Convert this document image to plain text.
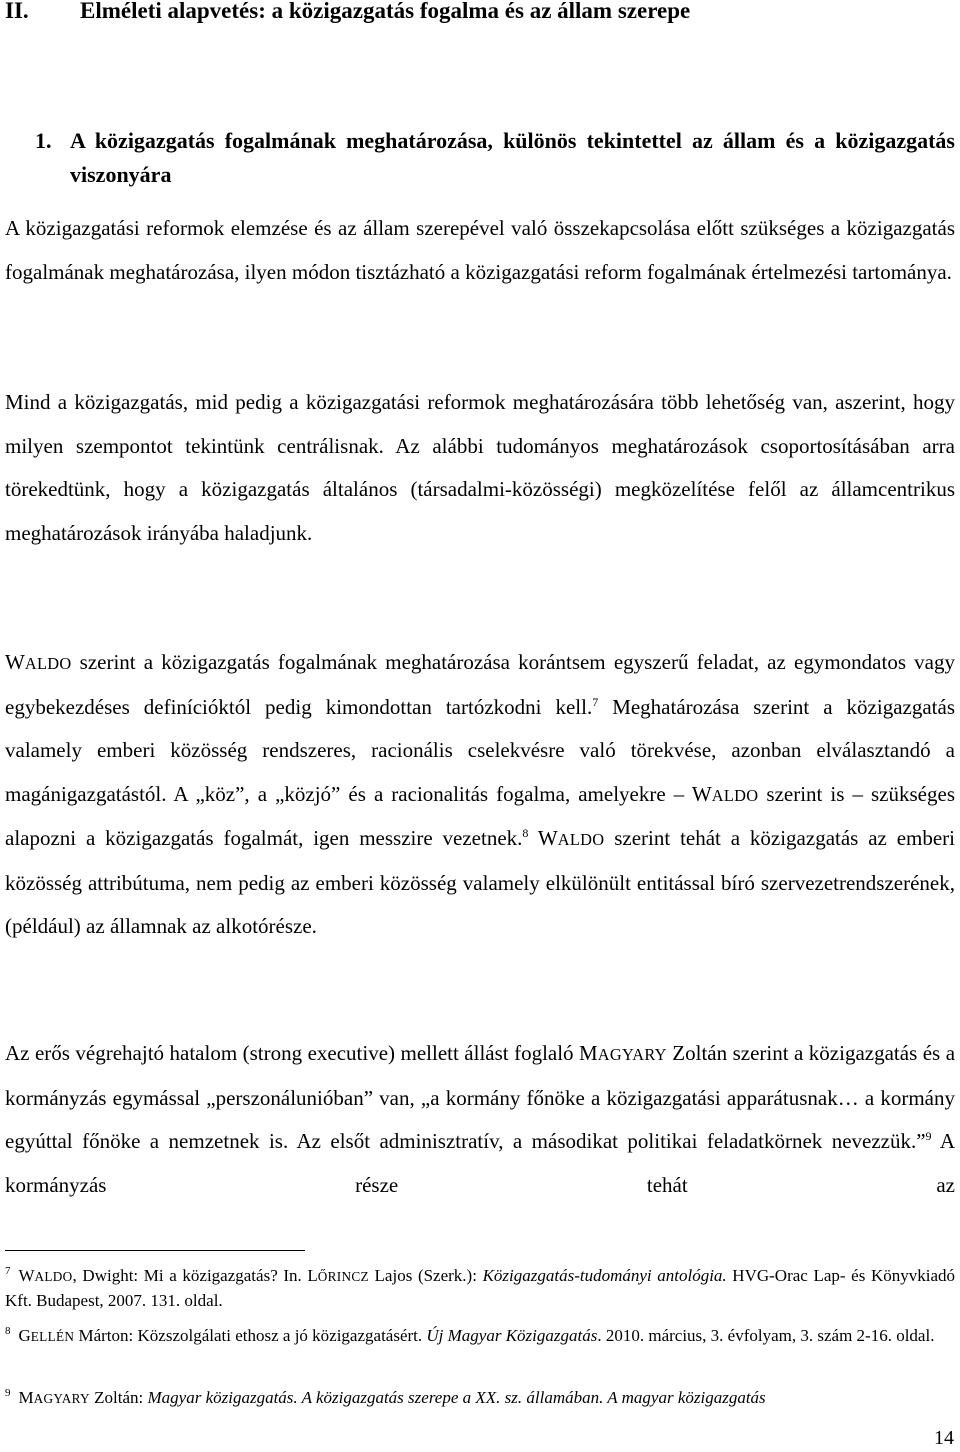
II.	Elméleti alapvetés: a közigazgatás fogalma és az állam szerepe
1. A közigazgatás fogalmának meghatározása, különös tekintettel az állam és a közigazgatás viszonyára

A közigazgatási reformok elemzése és az állam szerepével való összekapcsolása előtt szükséges a közigazgatás fogalmának meghatározása, ilyen módon tisztázható a közigazgatási reform fogalmának értelmezési tartománya.

Mind a közigazgatás, mid pedig a közigazgatási reformok meghatározására több lehetőség van, aszerint, hogy milyen szempontot tekintünk centrálisnak. Az alábbi tudományos meghatározások csoportosításában arra törekedtünk, hogy a közigazgatás általános (társadalmi-közösségi) megközelítése felől az államcentrikus meghatározások irányába haladjunk.

WALDO szerint a közigazgatás fogalmának meghatározása korántsem egyszerű feladat, az egymondatos vagy egybekezdéses definícióktól pedig kimondottan tartózkodni kell.$^7$ Meghatározása szerint a közigazgatás valamely emberi közösség rendszeres, racionális cselekvésre való törekvése, azonban elválasztandó a magánigazgatástól. A „köz”, a „közjó” és a racionalitás fogalma, amelyekre – WALDO szerint is – szükséges alapozni a közigazgatás fogalmát, igen messzire vezetnek.$^8$ WALDO szerint tehát a közigazgatás az emberi közösség attribútuma, nem pedig az emberi közösség valamely elkülönült entitással bíró szervezetrendszerének, (például) az államnak az alkotórésze.

Az erős végrehajtó hatalom (strong executive) mellett állást foglaló MAGYARY Zoltán szerint a közigazgatás és a kormányzás egymással „perszonálunióban” van, „a kormány főnöke a közigazgatási apparátusnak… a kormány egyúttal főnöke a nemzetnek is. Az elsőt adminisztratív, a másodikat politikai feladatkörnek nevezzük.”$^9$ A kormányzás része tehát az

$^7$ WALDO, Dwight: Mi a közigazgatás? In. LŐRINCZ Lajos (Szerk.): Közigazgatás-tudományi antológia. HVG-Orac Lap- és Könyvkiadó Kft. Budapest, 2007. 131. oldal.

$^8$ GELLÉN Márton: Közszolgálati ethosz a jó közigazgatásért. Új Magyar Közigazgatás. 2010. március, 3. évfolyam, 3. szám 2-16. oldal.

$^9$ MAGYARY Zoltán: Magyar közigazgatás. A közigazgatás szerepe a XX. sz. államában. A magyar közigazgatás

14
